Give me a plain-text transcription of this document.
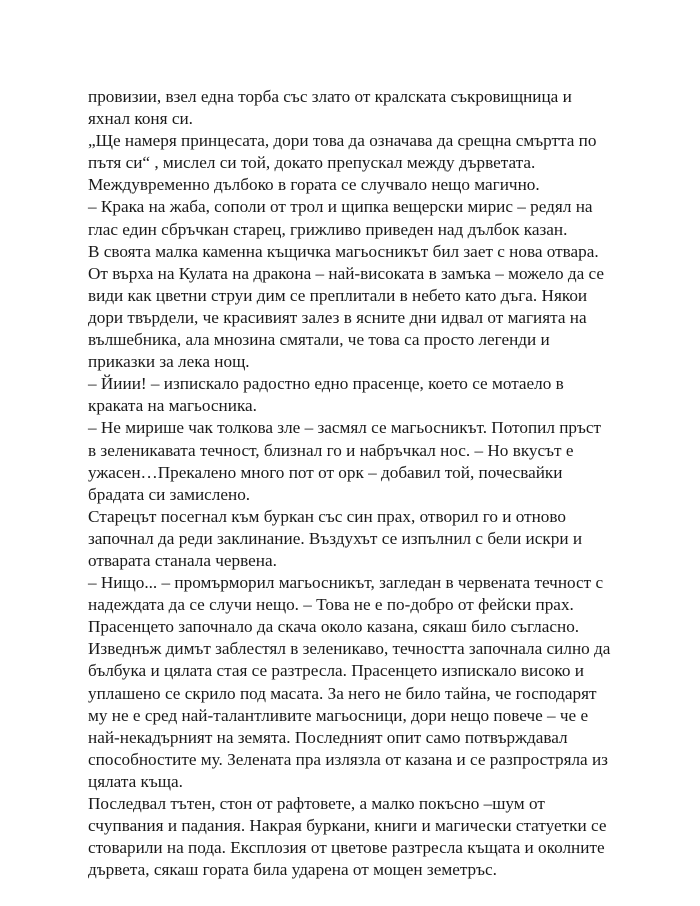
провизии, взел една торба със злато от кралската съкровищница и
яхнал коня си.
„Ще намеря принцесата, дори това да означава да срещна смъртта по
пътя си“ , мислел си той, докато препускал между дърветата.
Междувременно дълбоко в гората се случвало нещо магично.
– Крака на жаба, сополи от трол и щипка вещерски мирис – редял на
глас един сбръчкан старец, грижливо приведен над дълбок казан.
В своята малка каменна къщичка магьосникът бил зает с нова отвара.
От върха на Кулата на дракона – най-високата в замъка – можело да се
види как цветни струи дим се преплитали в небето като дъга. Някои
дори твърдели, че красивият залез в ясните дни идвал от магията на
вълшебника, ала мнозина смятали, че това са просто легенди и
приказки за лека нощ.
– Йиии! – изпискало радостно едно прасенце, което се мотаело в
краката на магьосника.
– Не мирише чак толкова зле – засмял се магьосникът. Потопил пръст
в зеленикавата течност, близнал го и набръчкал нос. – Но вкусът е
ужасен…Прекалено много пот от орк – добавил той, почесвайки
брадата си замислено.
Старецът посегнал към буркан със син прах, отворил го и отново
започнал да реди заклинание. Въздухът се изпълнил с бели искри и
отварата станала червена.
– Нищо... – промърморил магьосникът, загледан в червената течност с
надеждата да се случи нещо. – Това не е по-добро от фейски прах.
Прасенцето започнало да скача около казана, сякаш било съгласно.
Изведнъж димът заблестял в зеленикаво, течността започнала силно да
бълбука и цялата стая се разтресла. Прасенцето изпискало високо и
уплашено се скрило под масата. За него не било тайна, че господарят
му не е сред най-талантливите магьосници, дори нещо повече – че е
най-некадърният на земята. Последният опит само потвърждавал
способностите му. Зелената пра излязла от казана и се разпростряла из
цялата къща.
Последвал тътен, стон от рафтовете, а малко покъсно –шум от
счупвания и падания. Накрая буркани, книги и магически статуетки се
стоварили на пода. Експлозия от цветове разтресла къщата и околните
дървета, сякаш гората била ударена от мощен земетръс.
